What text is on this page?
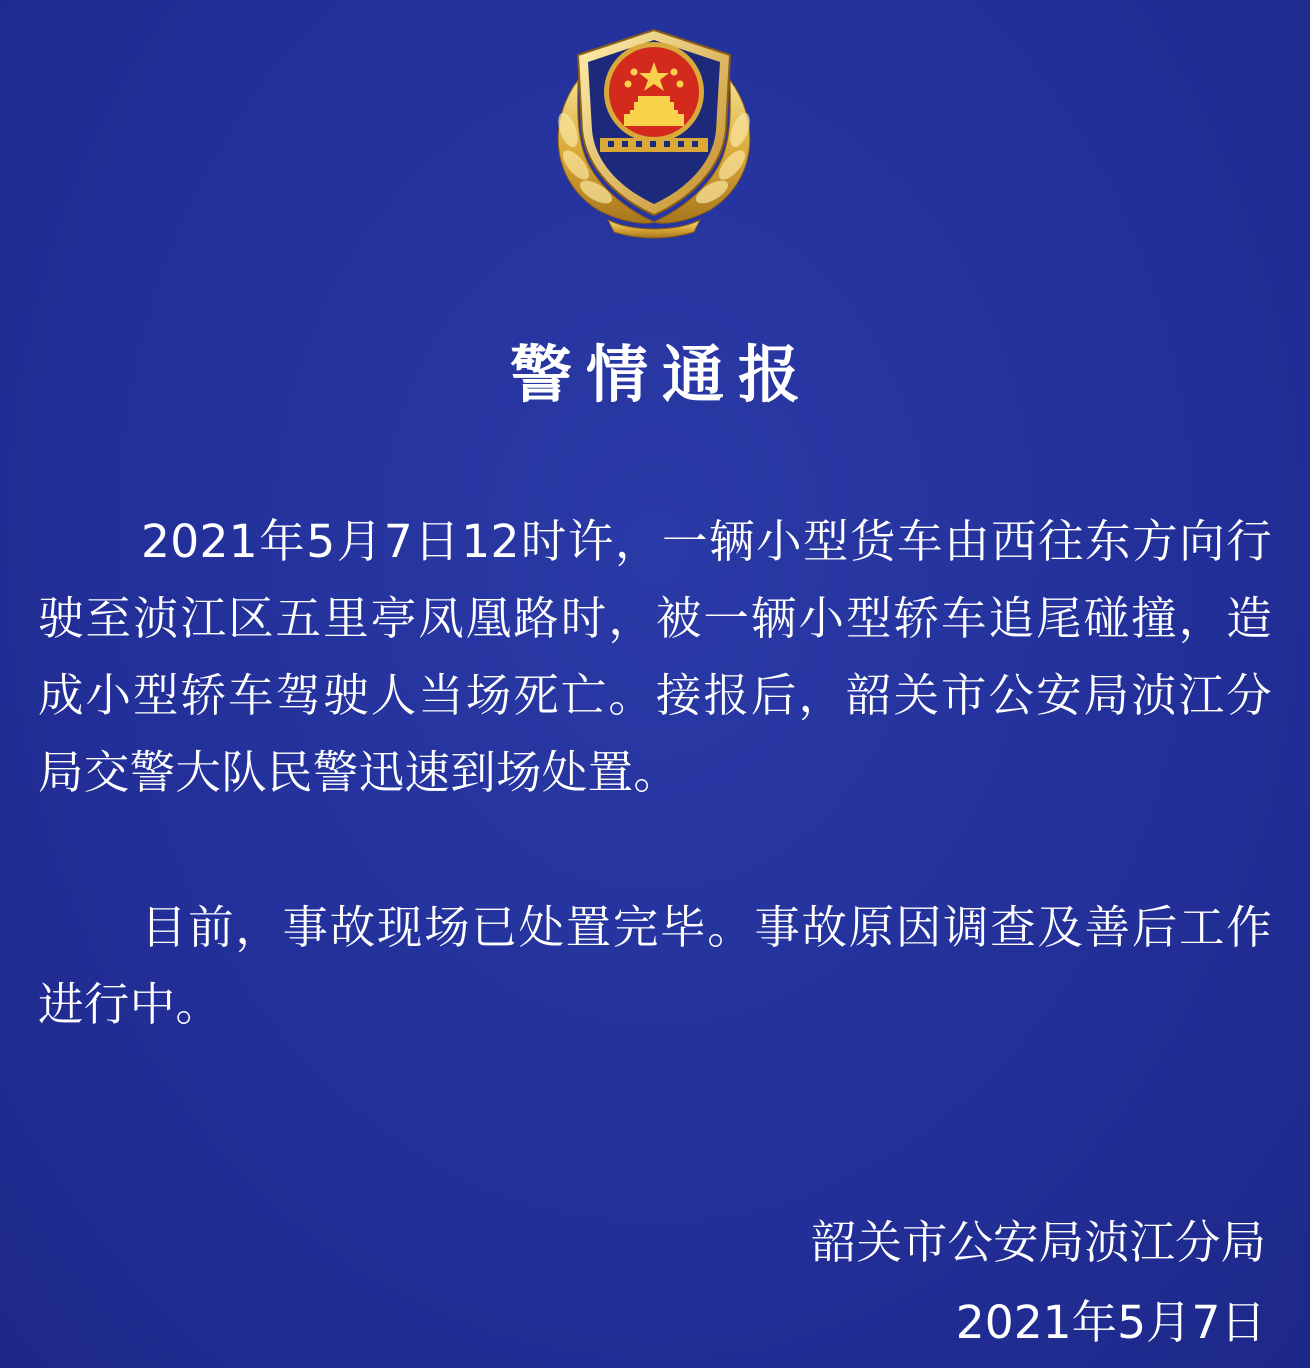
警情通报
2021年5月7日12时许，一辆小型货车由西往东方向行驶至浈江区五里亭凤凰路时，被一辆小型轿车追尾碰撞，造成小型轿车驾驶人当场死亡。接报后，韶关市公安局浈江分局交警大队民警迅速到场处置。
目前，事故现场已处置完毕。事故原因调查及善后工作进行中。
韶关市公安局浈江分局
2021年5月7日
